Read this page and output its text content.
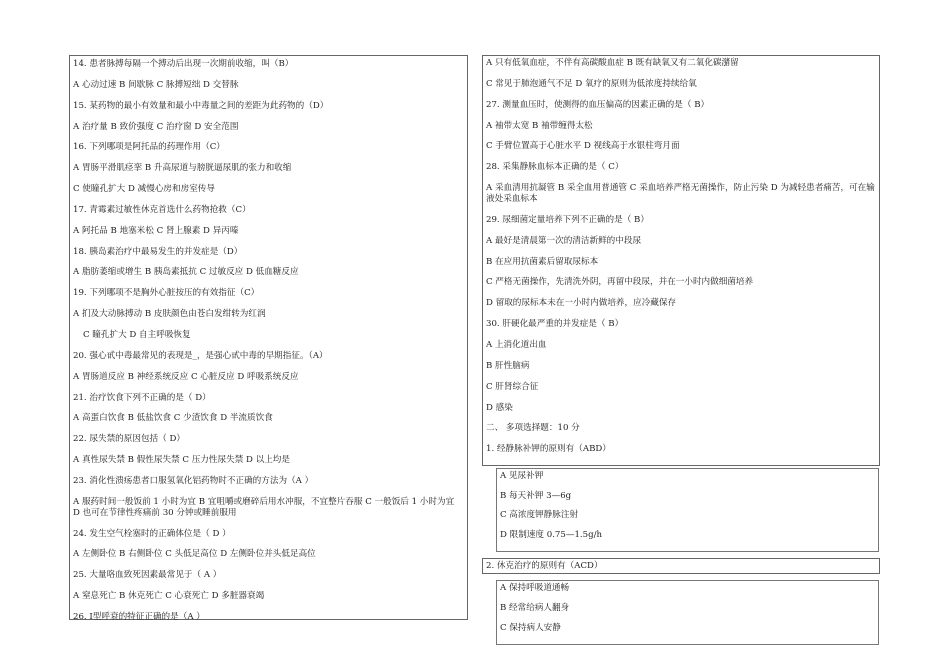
14. 患者脉搏每隔一个搏动后出现一次期前收缩，叫（B）
A 心动过速 B 间歇脉 C 脉搏短绌 D 交替脉
15. 某药物的最小有效量和最小中毒量之间的差距为此药物的（D）
A 治疗量 B 致价强度 C 治疗窗 D 安全范围
16. 下列哪项是阿托品的药理作用（C）
A 胃肠平滑肌痉挛 B 升高尿道与膀胱逼尿肌的张力和收缩
C 使瞳孔扩大 D 减慢心房和房室传导
17. 青霉素过敏性休克首选什么药物抢救（C）
A 阿托品 B 地塞米松 C 肾上腺素 D 异丙嗪
18. 胰岛素治疗中最易发生的并发症是（D）
A 脂肪萎缩或增生 B 胰岛素抵抗 C 过敏反应 D 低血糖反应
19. 下列哪项不是胸外心脏按压的有效指征（C）
A 扪及大动脉搏动 B 皮肤颜色由苍白发绀转为红润
C 瞳孔扩大 D 自主呼吸恢复
20. 强心甙中毒最常见的表现是_，是强心甙中毒的早期指征。（A）
A 胃肠道反应 B 神经系统反应 C 心脏反应 D 呼吸系统反应
21. 治疗饮食下列不正确的是（ D）
A 高蛋白饮食 B 低盐饮食 C 少渣饮食 D 半流质饮食
22. 尿失禁的原因包括（ D）
A 真性尿失禁 B 假性尿失禁 C 压力性尿失禁 D 以上均是
23. 消化性溃疡患者口服氢氧化铝药物时不正确的方法为（A ）
A 服药时间一般饭前 1 小时为宜 B 宜咀嚼或磨碎后用水冲服，不宜整片吞服 C 一般饭后 1 小时为宜 D 也可在节律性疼痛前 30 分钟或睡前服用
24. 发生空气栓塞时的正确体位是（ D ）
A 左侧卧位 B 右侧卧位 C 头低足高位 D 左侧卧位并头低足高位
25. 大量咯血致死因素最常见于（ A ）
A 窒息死亡 B 休克死亡 C 心衰死亡 D 多脏器衰竭
26. Ⅰ型呼衰的特征正确的是（A ）
A 只有低氧血症，不伴有高碳酸血症 B 既有缺氧又有二氧化碳潴留
C 常见于肺泡通气不足 D 氧疗的原则为低浓度持续给氧
27. 测量血压时，使测得的血压偏高的因素正确的是（ B）
A 袖带太宽 B 袖带缠得太松
C 手臂位置高于心脏水平 D 视线高于水银柱弯月面
28. 采集静脉血标本正确的是（ C）
A 采血清用抗凝管 B 采全血用普通管 C 采血培养严格无菌操作，防止污染 D 为减轻患者痛苦，可在输液处采血标本
29. 尿细菌定量培养下列不正确的是（ B）
A 最好是清晨第一次的清洁新鲜的中段尿
B 在应用抗菌素后留取尿标本
C 严格无菌操作，先清洗外阴，再留中段尿，并在一小时内做细菌培养
D 留取的尿标本未在一小时内做培养，应冷藏保存
30. 肝硬化最严重的并发症是（ B）
A 上消化道出血
B 肝性脑病
C 肝肾综合征
D 感染
二、 多项选择题：10 分
1. 经静脉补钾的原则有（ABD）
A 见尿补钾
B 每天补钾 3—6g
C 高浓度钾静脉注射
D 限制速度 0.75—1.5g/h
2. 休克治疗的原则有（ACD）
A 保持呼吸道通畅
B 经常给病人翻身
C 保持病人安静
